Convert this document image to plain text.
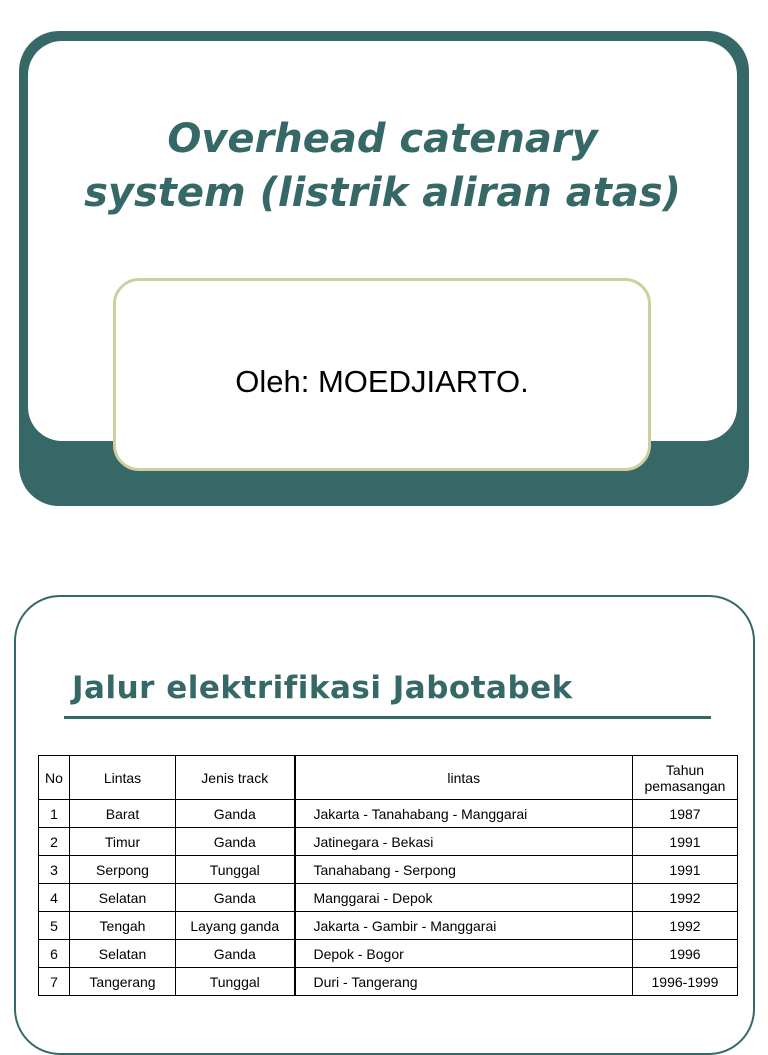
Overhead catenary
system (listrik aliran atas)
Oleh: MOEDJIARTO.
Jalur elektrifikasi Jabotabek
No	Lintas	Jenis track	lintas	Tahun pemasangan
1	Barat	Ganda	Jakarta - Tanahabang - Manggarai	1987
2	Timur	Ganda	Jatinegara - Bekasi	1991
3	Serpong	Tunggal	Tanahabang - Serpong	1991
4	Selatan	Ganda	Manggarai - Depok	1992
5	Tengah	Layang ganda	Jakarta - Gambir - Manggarai	1992
6	Selatan	Ganda	Depok - Bogor	1996
7	Tangerang	Tunggal	Duri - Tangerang	1996-1999
